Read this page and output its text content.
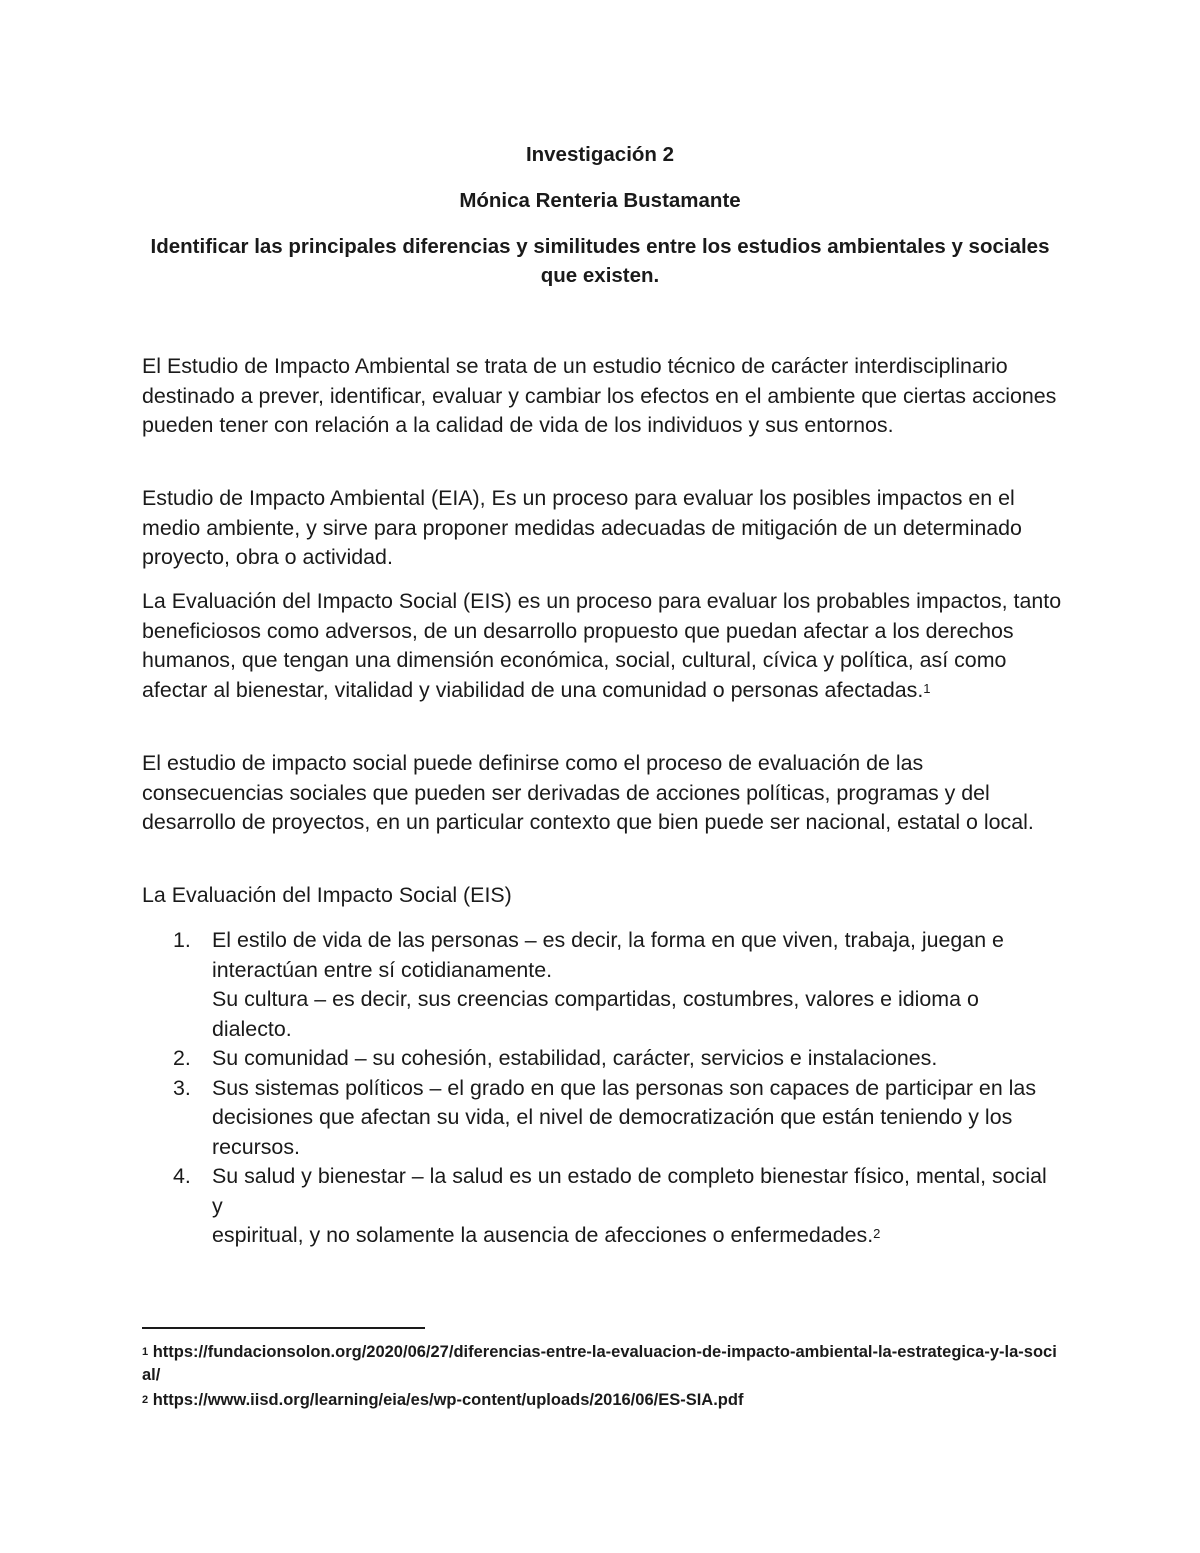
Investigación 2
Mónica Renteria Bustamante
Identificar las principales diferencias y similitudes entre los estudios ambientales y sociales que existen.

El Estudio de Impacto Ambiental se trata de un estudio técnico de carácter interdisciplinario destinado a prever, identificar, evaluar y cambiar los efectos en el ambiente que ciertas acciones pueden tener con relación a la calidad de vida de los individuos y sus entornos.

Estudio de Impacto Ambiental (EIA), Es un proceso para evaluar los posibles impactos en el medio ambiente, y sirve para proponer medidas adecuadas de mitigación de un determinado proyecto, obra o actividad.

La Evaluación del Impacto Social (EIS) es un proceso para evaluar los probables impactos, tanto beneficiosos como adversos, de un desarrollo propuesto que puedan afectar a los derechos humanos, que tengan una dimensión económica, social, cultural, cívica y política, así como afectar al bienestar, vitalidad y viabilidad de una comunidad o personas afectadas.$^1$

El estudio de impacto social puede definirse como el proceso de evaluación de las consecuencias sociales que pueden ser derivadas de acciones políticas, programas y del desarrollo de proyectos, en un particular contexto que bien puede ser nacional, estatal o local.

La Evaluación del Impacto Social (EIS)

1. El estilo de vida de las personas – es decir, la forma en que viven, trabaja, juegan e interactúan entre sí cotidianamente.
Su cultura – es decir, sus creencias compartidas, costumbres, valores e idioma o dialecto.
2. Su comunidad – su cohesión, estabilidad, carácter, servicios e instalaciones.
3. Sus sistemas políticos – el grado en que las personas son capaces de participar en las decisiones que afectan su vida, el nivel de democratización que están teniendo y los recursos.
4. Su salud y bienestar – la salud es un estado de completo bienestar físico, mental, social y
espiritual, y no solamente la ausencia de afecciones o enfermedades.$^2$

$^1$ https://fundacionsolon.org/2020/06/27/diferencias-entre-la-evaluacion-de-impacto-ambiental-la-estrategica-y-la-social/

$^2$ https://www.iisd.org/learning/eia/es/wp-content/uploads/2016/06/ES-SIA.pdf
